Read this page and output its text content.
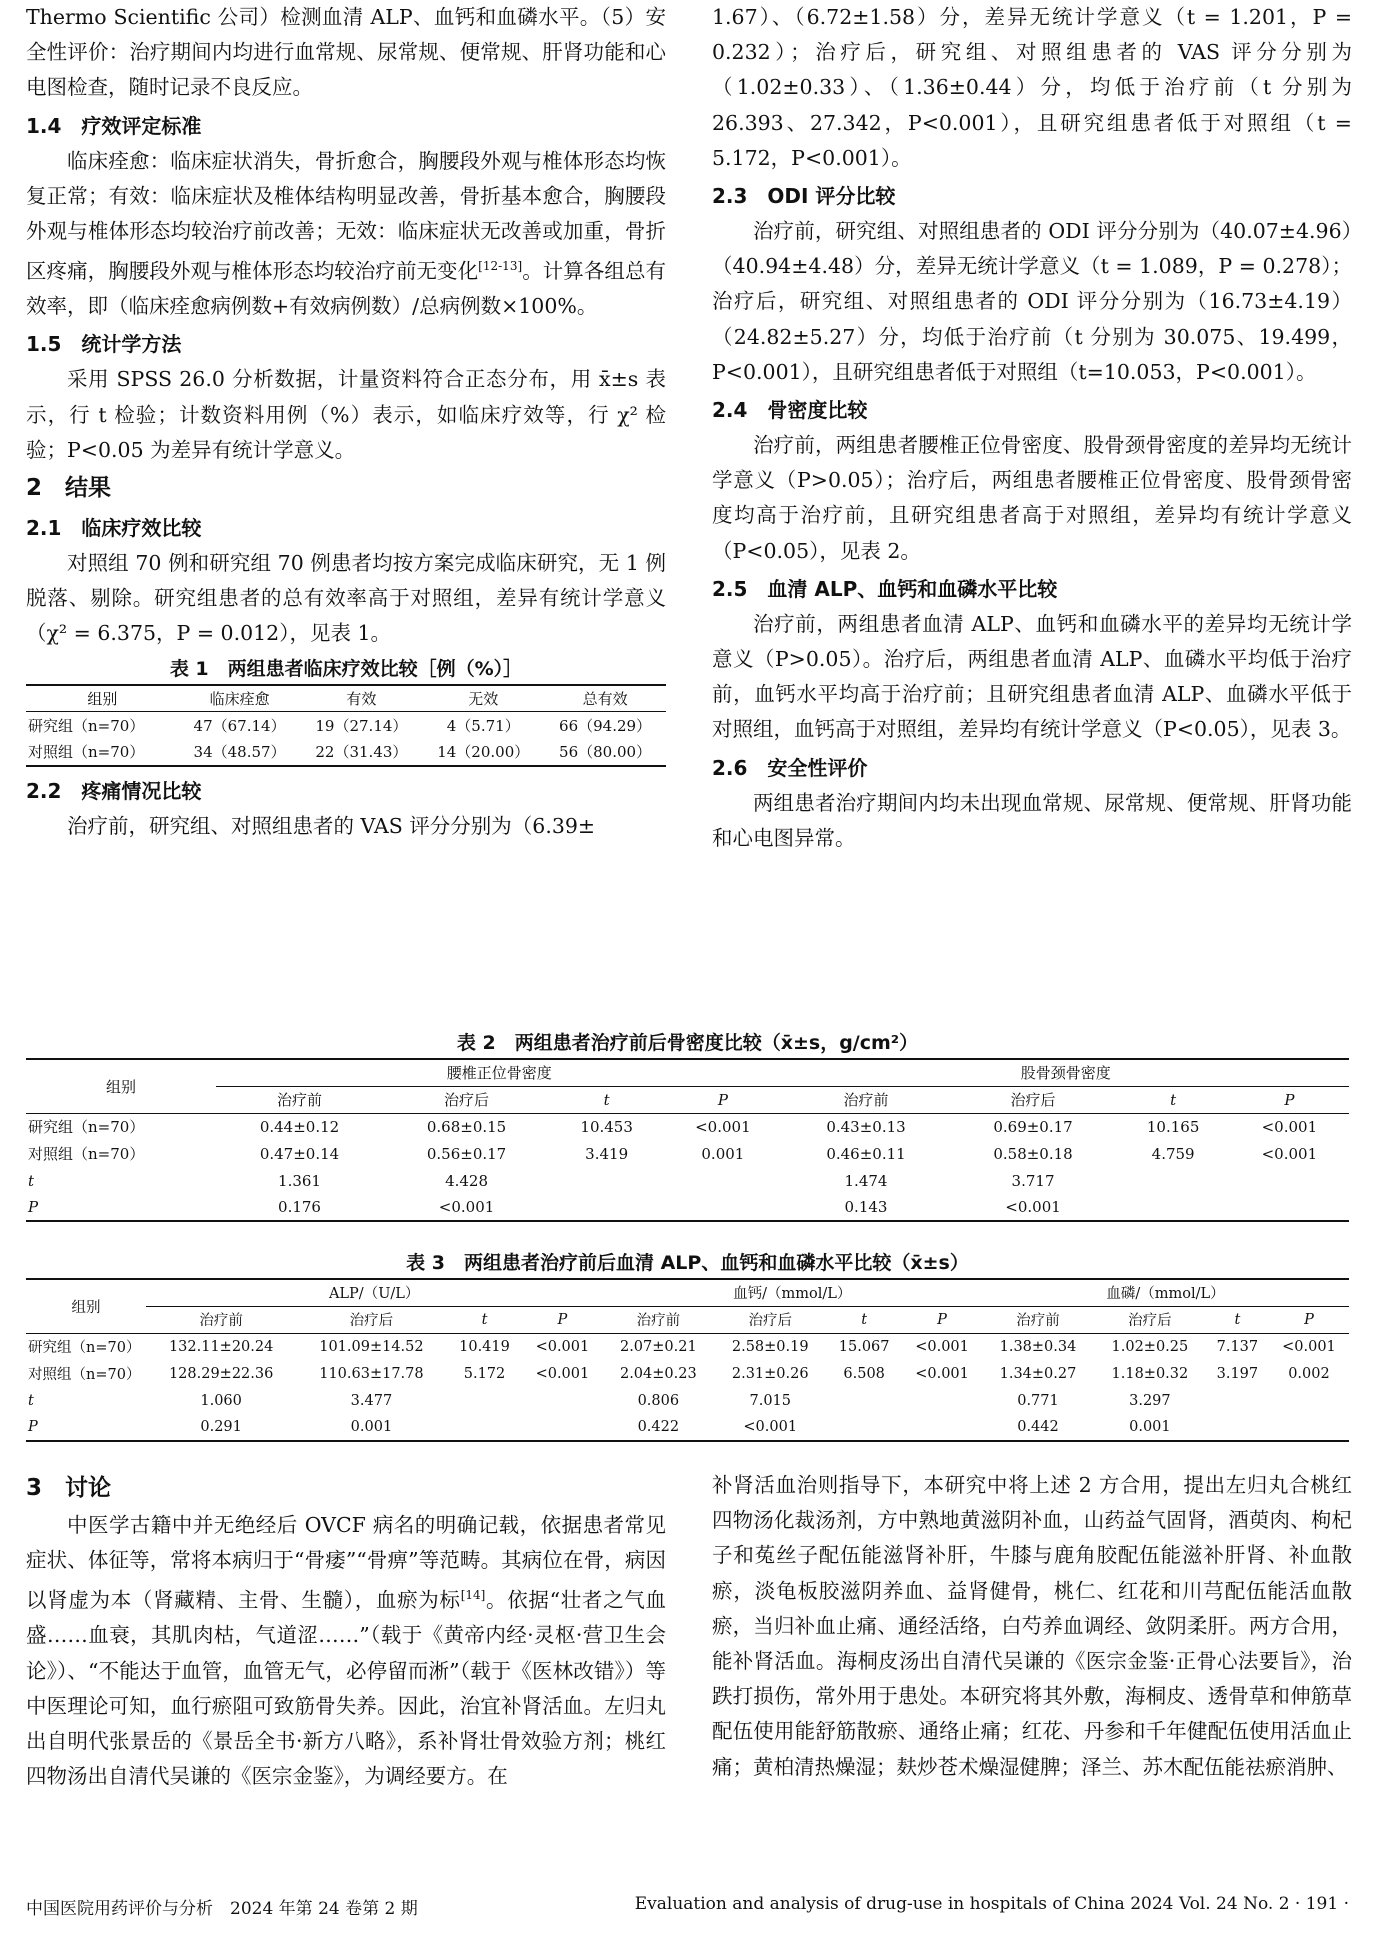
Thermo Scientific 公司）检测血清 ALP、血钙和血磷水平。（5）安全性评价：治疗期间内均进行血常规、尿常规、便常规、肝肾功能和心电图检查，随时记录不良反应。

1.4　疗效评定标准

临床痊愈：临床症状消失，骨折愈合，胸腰段外观与椎体形态均恢复正常；有效：临床症状及椎体结构明显改善，骨折基本愈合，胸腰段外观与椎体形态均较治疗前改善；无效：临床症状无改善或加重，骨折区疼痛，胸腰段外观与椎体形态均较治疗前无变化[12-13]。计算各组总有效率，即（临床痊愈病例数+有效病例数）/总病例数×100%。

1.5　统计学方法

采用 SPSS 26.0 分析数据，计量资料符合正态分布，用 x̄±s 表示，行 t 检验；计数资料用例（%）表示，如临床疗效等，行 χ² 检验；P<0.05 为差异有统计学意义。

2　结果
2.1　临床疗效比较

对照组 70 例和研究组 70 例患者均按方案完成临床研究，无 1 例脱落、剔除。研究组患者的总有效率高于对照组，差异有统计学意义（χ² = 6.375，P = 0.012），见表 1。

表 1　两组患者临床疗效比较［例（%）］
组别	临床痊愈	有效	无效	总有效
研究组（n=70）	47（67.14）	19（27.14）	4（5.71）	66（94.29）
对照组（n=70）	34（48.57）	22（31.43）	14（20.00）	56（80.00）
2.2　疼痛情况比较

治疗前，研究组、对照组患者的 VAS 评分分别为（6.39±

1.67）、（6.72±1.58）分，差异无统计学意义（t = 1.201，P = 0.232）；治疗后，研究组、对照组患者的 VAS 评分分别为（1.02±0.33）、（1.36±0.44）分，均低于治疗前（t 分别为 26.393、27.342，P<0.001），且研究组患者低于对照组（t = 5.172，P<0.001）。

2.3　ODI 评分比较

治疗前，研究组、对照组患者的 ODI 评分分别为（40.07±4.96）（40.94±4.48）分，差异无统计学意义（t = 1.089，P = 0.278）；治疗后，研究组、对照组患者的 ODI 评分分别为（16.73±4.19）（24.82±5.27）分，均低于治疗前（t 分别为 30.075、19.499，P<0.001），且研究组患者低于对照组（t=10.053，P<0.001）。

2.4　骨密度比较

治疗前，两组患者腰椎正位骨密度、股骨颈骨密度的差异均无统计学意义（P>0.05）；治疗后，两组患者腰椎正位骨密度、股骨颈骨密度均高于治疗前，且研究组患者高于对照组，差异均有统计学意义（P<0.05），见表 2。

2.5　血清 ALP、血钙和血磷水平比较

治疗前，两组患者血清 ALP、血钙和血磷水平的差异均无统计学意义（P>0.05）。治疗后，两组患者血清 ALP、血磷水平均低于治疗前，血钙水平均高于治疗前；且研究组患者血清 ALP、血磷水平低于对照组，血钙高于对照组，差异均有统计学意义（P<0.05），见表 3。

2.6　安全性评价

两组患者治疗期间内均未出现血常规、尿常规、便常规、肝肾功能和心电图异常。

表 2　两组患者治疗前后骨密度比较（x̄±s，g/cm²）
组别	腰椎正位骨密度				股骨颈骨密度			
	治疗前	治疗后	t	P	治疗前	治疗后	t	P
研究组（n=70）	0.44±0.12	0.68±0.15	10.453	<0.001	0.43±0.13	0.69±0.17	10.165	<0.001
对照组（n=70）	0.47±0.14	0.56±0.17	3.419	0.001	0.46±0.11	0.58±0.18	4.759	<0.001
t	1.361	4.428			1.474	3.717		
P	0.176	<0.001			0.143	<0.001		
表 3　两组患者治疗前后血清 ALP、血钙和血磷水平比较（x̄±s）
组别	ALP/（U/L）				血钙/（mmol/L）				血磷/（mmol/L）			
	治疗前	治疗后	t	P	治疗前	治疗后	t	P	治疗前	治疗后	t	P
研究组（n=70）	132.11±20.24	101.09±14.52	10.419	<0.001	2.07±0.21	2.58±0.19	15.067	<0.001	1.38±0.34	1.02±0.25	7.137	<0.001
对照组（n=70）	128.29±22.36	110.63±17.78	5.172	<0.001	2.04±0.23	2.31±0.26	6.508	<0.001	1.34±0.27	1.18±0.32	3.197	0.002
t	1.060	3.477			0.806	7.015			0.771	3.297		
P	0.291	0.001			0.422	<0.001			0.442	0.001		
3　讨论

中医学古籍中并无绝经后 OVCF 病名的明确记载，依据患者常见症状、体征等，常将本病归于“骨痿”“骨痹”等范畴。其病位在骨，病因以肾虚为本（肾藏精、主骨、生髓），血瘀为标[14]。依据“壮者之气血盛……血衰，其肌肉枯，气道涩……”（载于《黄帝内经·灵枢·营卫生会论》）、“不能达于血管，血管无气，必停留而淅”（载于《医林改错》）等中医理论可知，血行瘀阻可致筋骨失养。因此，治宜补肾活血。左归丸出自明代张景岳的《景岳全书·新方八略》，系补肾壮骨效验方剂；桃红四物汤出自清代吴谦的《医宗金鉴》，为调经要方。在

补肾活血治则指导下，本研究中将上述 2 方合用，提出左归丸合桃红四物汤化裁汤剂，方中熟地黄滋阴补血，山药益气固肾，酒萸肉、枸杞子和菟丝子配伍能滋肾补肝，牛膝与鹿角胶配伍能滋补肝肾、补血散瘀，淡龟板胶滋阴养血、益肾健骨，桃仁、红花和川芎配伍能活血散瘀，当归补血止痛、通经活络，白芍养血调经、敛阴柔肝。两方合用，能补肾活血。海桐皮汤出自清代吴谦的《医宗金鉴·正骨心法要旨》，治跌打损伤，常外用于患处。本研究将其外敷，海桐皮、透骨草和伸筋草配伍使用能舒筋散瘀、通络止痛；红花、丹参和千年健配伍使用活血止痛；黄柏清热燥湿；麸炒苍术燥湿健脾；泽兰、苏木配伍能祛瘀消肿、

中国医院用药评价与分析　2024 年第 24 卷第 2 期	Evaluation and analysis of drug-use in hospitals of China 2024 Vol. 24 No. 2 · 191 ·
